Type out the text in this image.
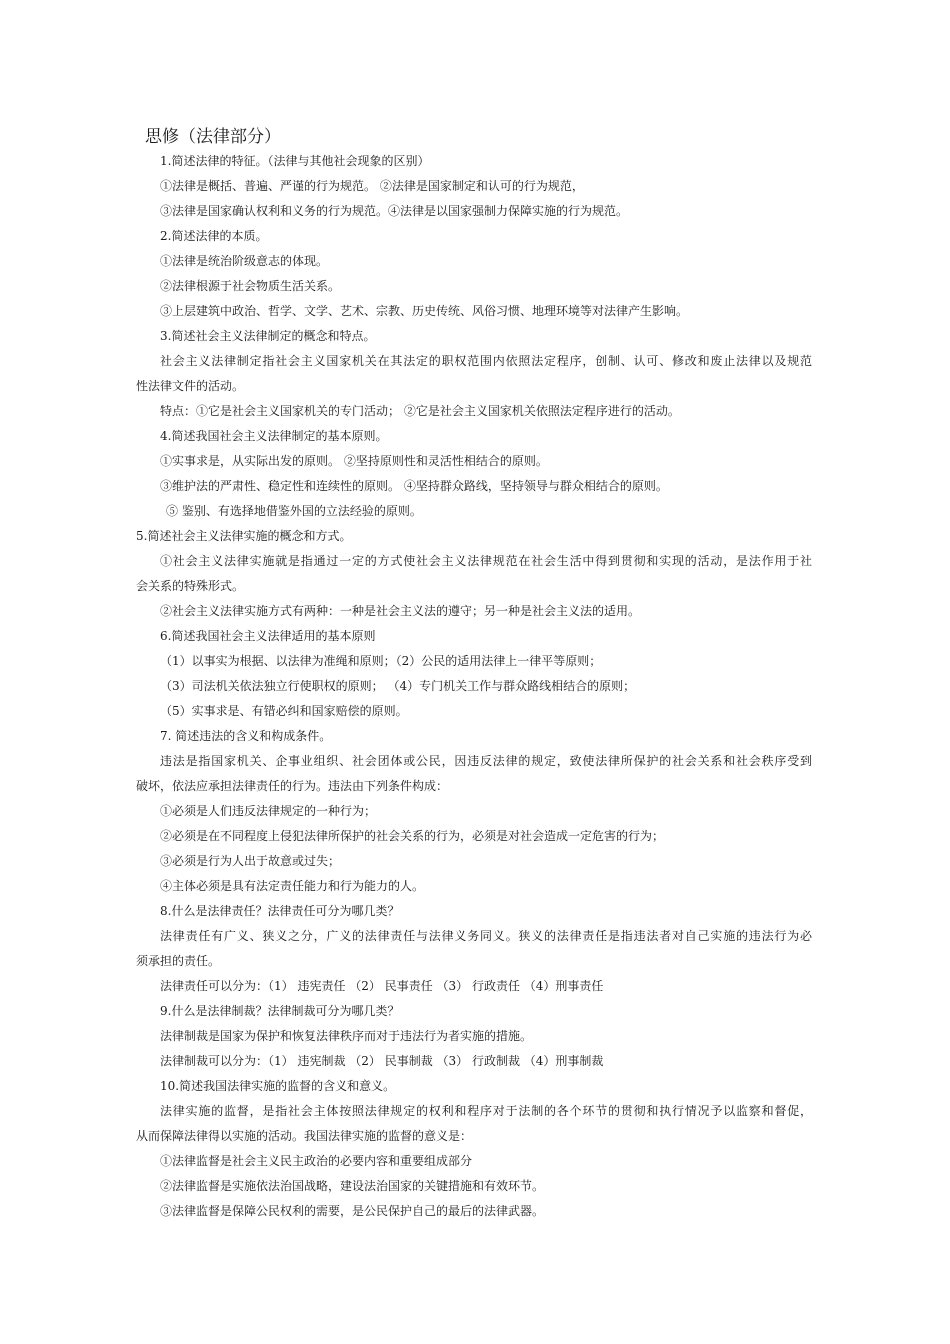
思修（法律部分）

1.简述法律的特征。（法律与其他社会现象的区别）

①法律是概括、普遍、严谨的行为规范。 ②法律是国家制定和认可的行为规范，

③法律是国家确认权利和义务的行为规范。④法律是以国家强制力保障实施的行为规范。

2.简述法律的本质。

①法律是统治阶级意志的体现。

②法律根源于社会物质生活关系。

③上层建筑中政治、哲学、文学、艺术、宗教、历史传统、风俗习惯、地理环境等对法律产生影响。

3.简述社会主义法律制定的概念和特点。

社会主义法律制定指社会主义国家机关在其法定的职权范围内依照法定程序，创制、认可、修改和废止法律以及规范

性法律文件的活动。

特点：①它是社会主义国家机关的专门活动； ②它是社会主义国家机关依照法定程序进行的活动。

4.简述我国社会主义法律制定的基本原则。

①实事求是，从实际出发的原则。 ②坚持原则性和灵活性相结合的原则。

③维护法的严肃性、稳定性和连续性的原则。 ④坚持群众路线，坚持领导与群众相结合的原则。

⑤ 鉴别、有选择地借鉴外国的立法经验的原则。

5.简述社会主义法律实施的概念和方式。

①社会主义法律实施就是指通过一定的方式使社会主义法律规范在社会生活中得到贯彻和实现的活动，是法作用于社

会关系的特殊形式。

②社会主义法律实施方式有两种：一种是社会主义法的遵守；另一种是社会主义法的适用。

6.简述我国社会主义法律适用的基本原则

（1）以事实为根据、以法律为准绳和原则；（2）公民的适用法律上一律平等原则；

（3）司法机关依法独立行使职权的原则； （4）专门机关工作与群众路线相结合的原则；

（5）实事求是、有错必纠和国家赔偿的原则。

7. 简述违法的含义和构成条件。

违法是指国家机关、企事业组织、社会团体或公民，因违反法律的规定，致使法律所保护的社会关系和社会秩序受到

破坏，依法应承担法律责任的行为。违法由下列条件构成：

①必须是人们违反法律规定的一种行为；

②必须是在不同程度上侵犯法律所保护的社会关系的行为，必须是对社会造成一定危害的行为；

③必须是行为人出于故意或过失；

④主体必须是具有法定责任能力和行为能力的人。

8.什么是法律责任？法律责任可分为哪几类？

法律责任有广义、狭义之分，广义的法律责任与法律义务同义。狭义的法律责任是指违法者对自己实施的违法行为必

须承担的责任。

法律责任可以分为：（1） 违宪责任 （2） 民事责任 （3） 行政责任 （4）刑事责任

9.什么是法律制裁？法律制裁可分为哪几类？

法律制裁是国家为保护和恢复法律秩序而对于违法行为者实施的措施。

法律制裁可以分为：（1） 违宪制裁 （2） 民事制裁 （3） 行政制裁 （4）刑事制裁

10.简述我国法律实施的监督的含义和意义。

法律实施的监督，是指社会主体按照法律规定的权利和程序对于法制的各个环节的贯彻和执行情况予以监察和督促，

从而保障法律得以实施的活动。我国法律实施的监督的意义是：

①法律监督是社会主义民主政治的必要内容和重要组成部分

②法律监督是实施依法治国战略，建设法治国家的关键措施和有效环节。

③法律监督是保障公民权利的需要，是公民保护自己的最后的法律武器。
